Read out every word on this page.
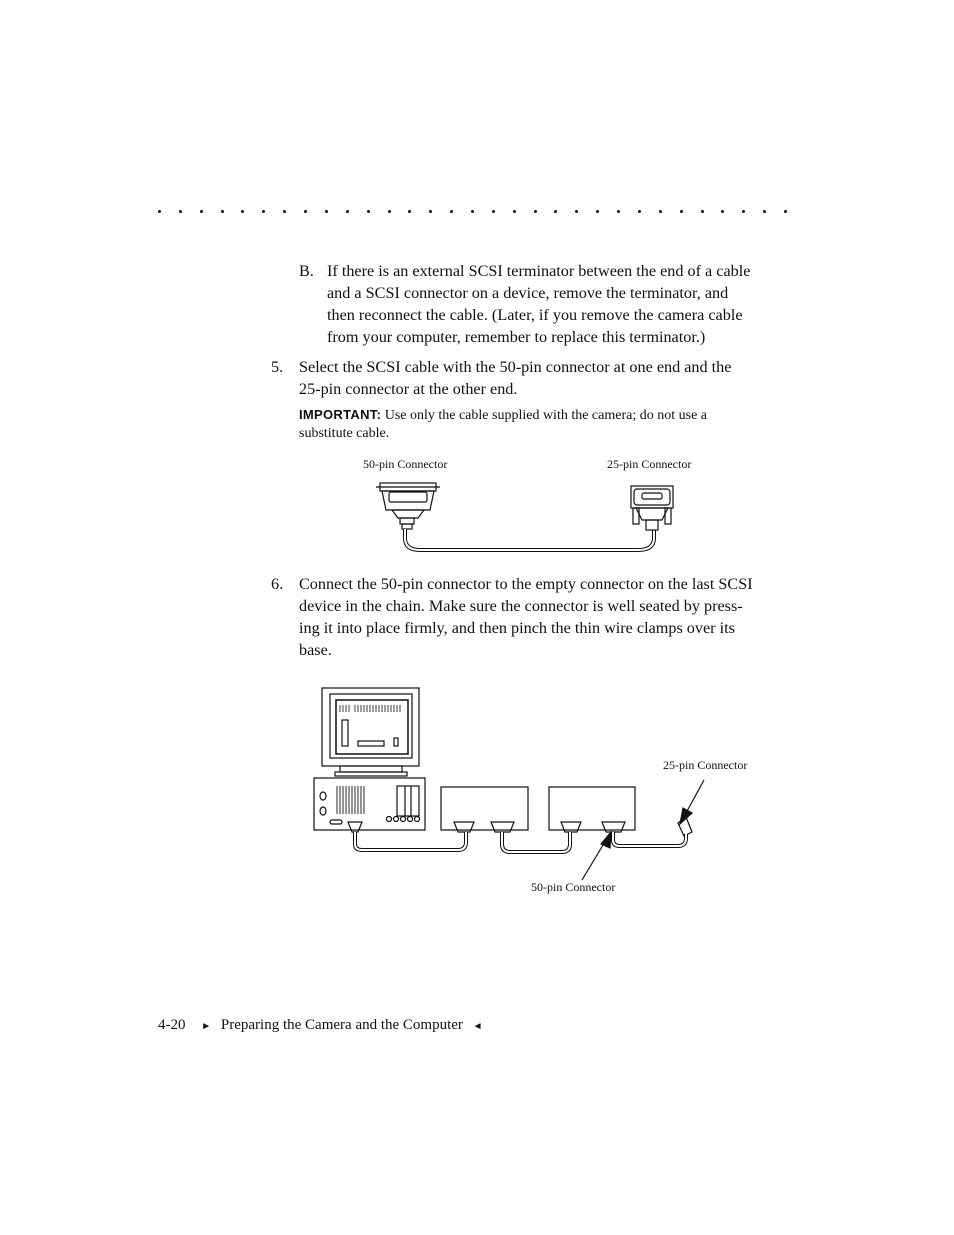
B. If there is an external SCSI terminator between the end of a cable
and a SCSI connector on a device, remove the terminator, and
then reconnect the cable. (Later, if you remove the camera cable
from your computer, remember to replace this terminator.)
5. Select the SCSI cable with the 50-pin connector at one end and the
25-pin connector at the other end.
IMPORTANT: Use only the cable supplied with the camera; do not use a
substitute cable.
50-pin Connector	25-pin Connector
6. Connect the 50-pin connector to the empty connector on the last SCSI
device in the chain. Make sure the connector is well seated by press-
ing it into place firmly, and then pinch the thin wire clamps over its
base.
25-pin Connector
50-pin Connector
4-20 ► Preparing the Camera and the Computer ◄
